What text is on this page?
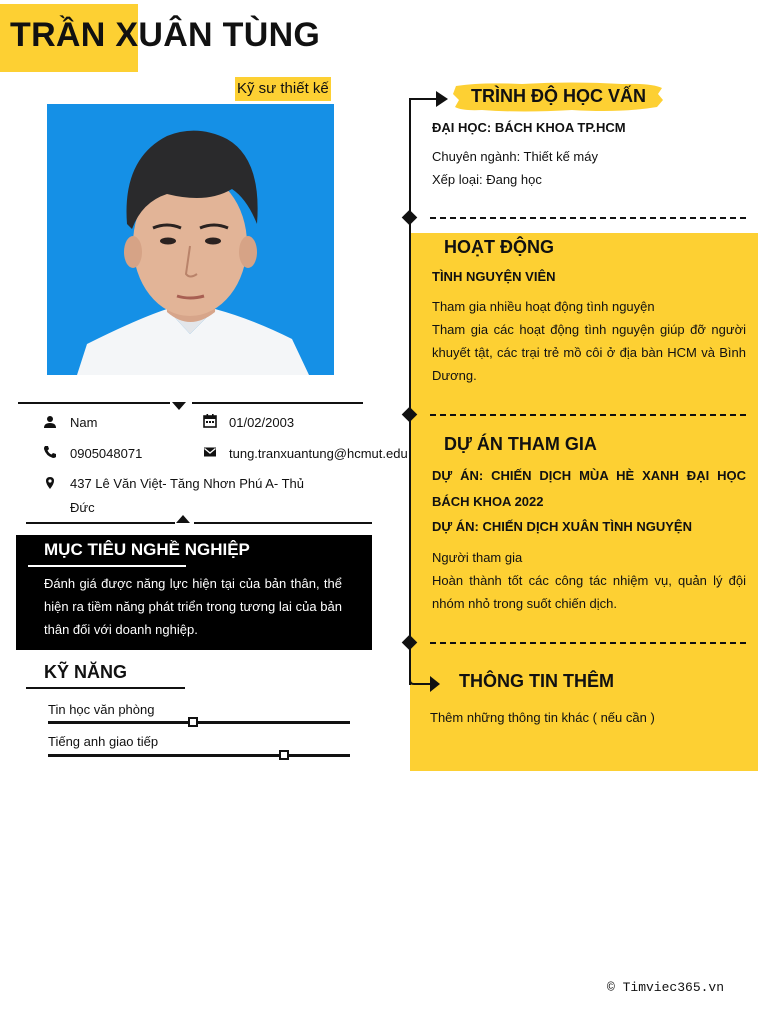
TRẦN XUÂN TÙNG
Kỹ sư thiết kế
Nam	01/02/2003
0905048071	tung.tranxuantung@hcmut.edu
437 Lê Văn Việt- Tăng Nhơn Phú A- Thủ
Đức
MỤC TIÊU NGHỀ NGHIỆP
Đánh giá được năng lực hiện tại của bản thân, thể hiện ra tiềm năng phát triển trong tương lai của bản thân đối với doanh nghiệp.
KỸ NĂNG
Tin học văn phòng
Tiếng anh giao tiếp
TRÌNH ĐỘ HỌC VẤN
ĐẠI HỌC: BÁCH KHOA TP.HCM
Chuyên ngành: Thiết kế máy
Xếp loại: Đang học
HOẠT ĐỘNG
TÌNH NGUYỆN VIÊN
Tham gia nhiều hoạt động tình nguyện
Tham gia các hoạt động tình nguyện giúp đỡ người khuyết tật, các trại trẻ mồ côi ở địa bàn HCM và Bình Dương.
DỰ ÁN THAM GIA
DỰ ÁN: CHIẾN DỊCH MÙA HÈ XANH ĐẠI HỌC BÁCH KHOA 2022
DỰ ÁN: CHIẾN DỊCH XUÂN TÌNH NGUYỆN
Người tham gia
Hoàn thành tốt các công tác nhiệm vụ, quản lý đội nhóm nhỏ trong suốt chiến dịch.
THÔNG TIN THÊM
Thêm những thông tin khác ( nếu cần )
© Timviec365.vn
